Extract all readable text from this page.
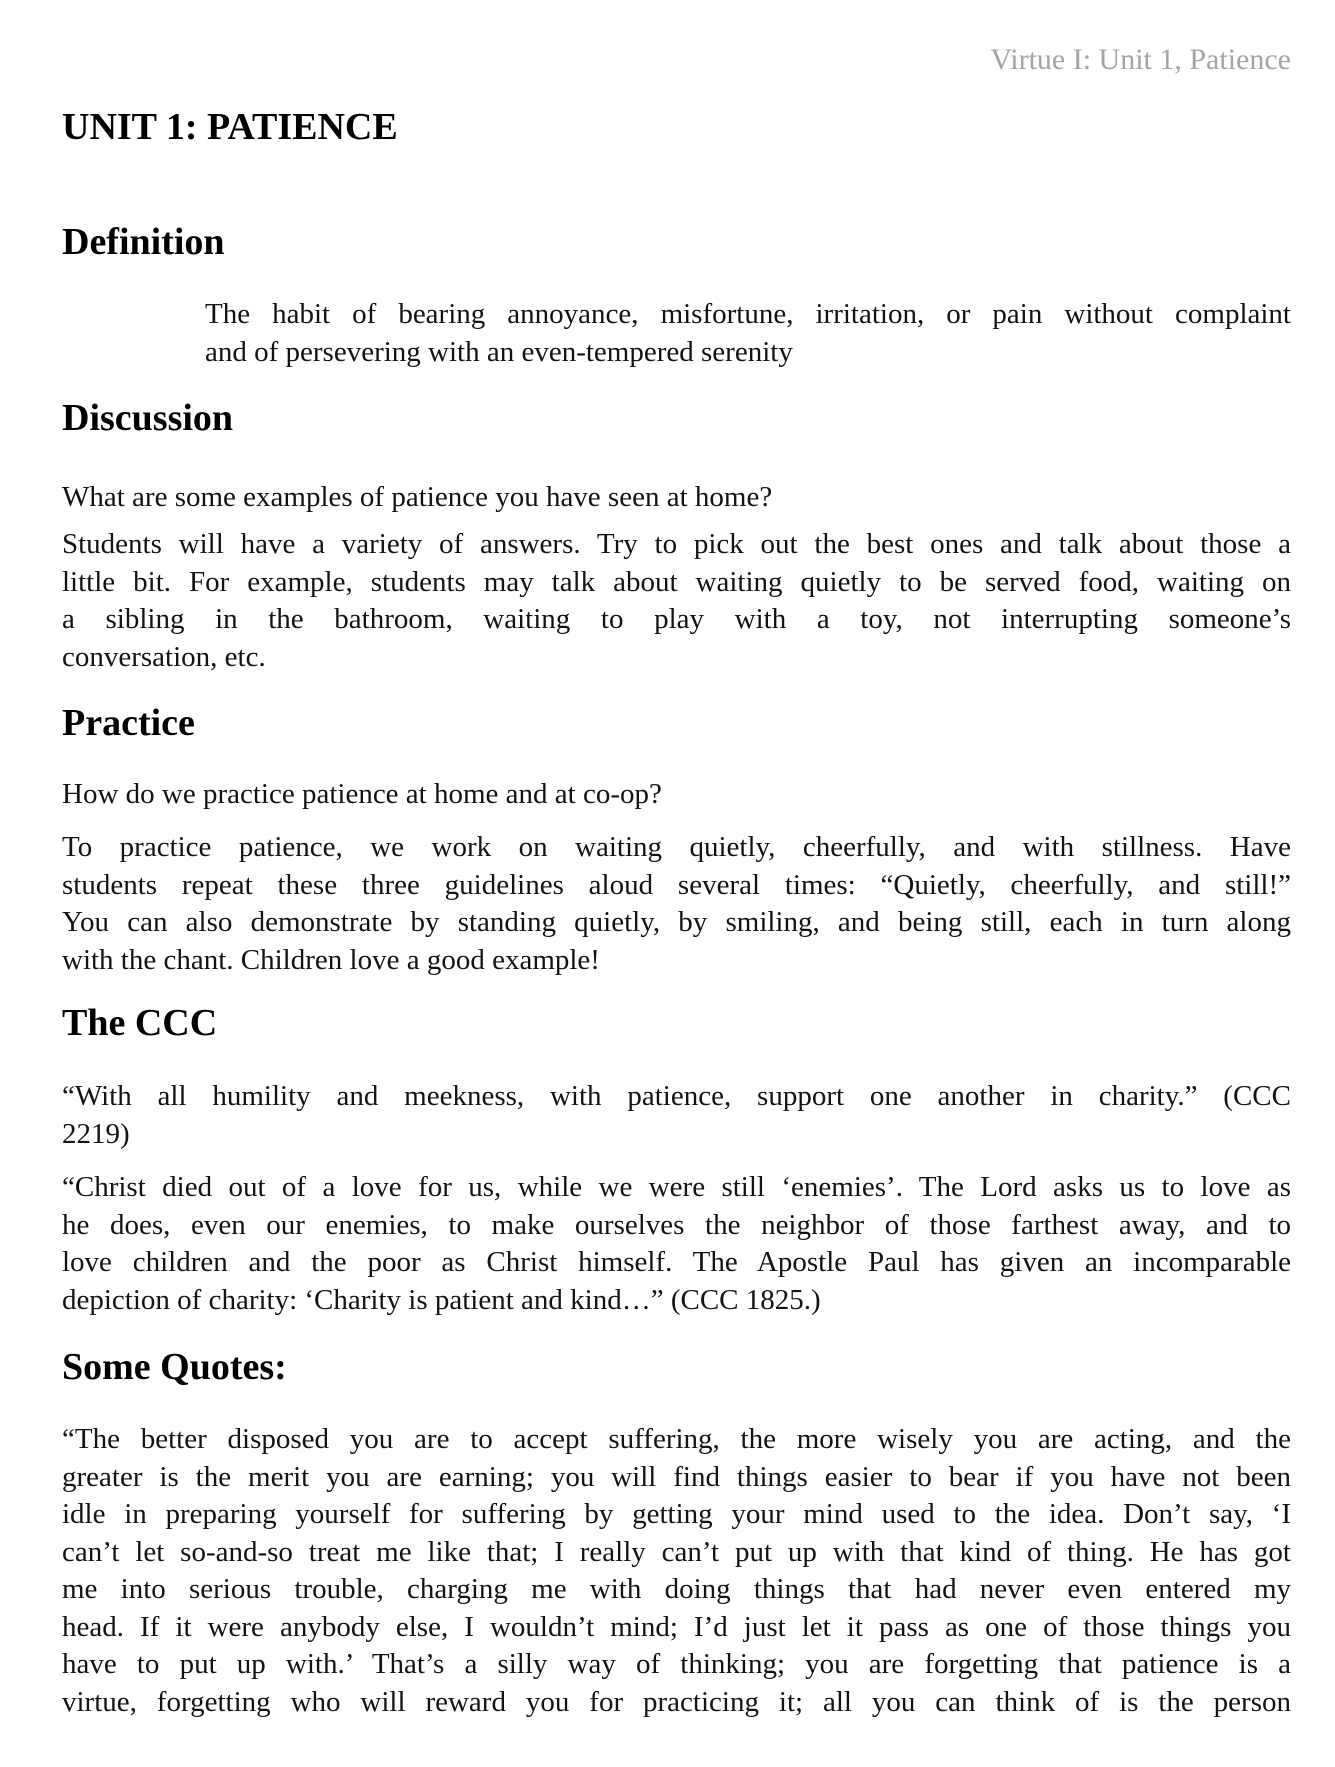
Virtue I: Unit 1, Patience
UNIT 1: PATIENCE
Definition
The habit of bearing annoyance, misfortune, irritation, or pain without complaint
and of persevering with an even-tempered serenity
Discussion
What are some examples of patience you have seen at home?
Students will have a variety of answers. Try to pick out the best ones and talk about those a
little bit. For example, students may talk about waiting quietly to be served food, waiting on
a sibling in the bathroom, waiting to play with a toy, not interrupting someone’s
conversation, etc.
Practice
How do we practice patience at home and at co-op?
To practice patience, we work on waiting quietly, cheerfully, and with stillness. Have
students repeat these three guidelines aloud several times: “Quietly, cheerfully, and still!”
You can also demonstrate by standing quietly, by smiling, and being still, each in turn along
with the chant. Children love a good example!
The CCC
“With all humility and meekness, with patience, support one another in charity.” (CCC
2219)
“Christ died out of a love for us, while we were still ‘enemies’. The Lord asks us to love as
he does, even our enemies, to make ourselves the neighbor of those farthest away, and to
love children and the poor as Christ himself. The Apostle Paul has given an incomparable
depiction of charity: ‘Charity is patient and kind…” (CCC 1825.)
Some Quotes:
“The better disposed you are to accept suffering, the more wisely you are acting, and the
greater is the merit you are earning; you will find things easier to bear if you have not been
idle in preparing yourself for suffering by getting your mind used to the idea. Don’t say, ‘I
can’t let so-and-so treat me like that; I really can’t put up with that kind of thing. He has got
me into serious trouble, charging me with doing things that had never even entered my
head. If it were anybody else, I wouldn’t mind; I’d just let it pass as one of those things you
have to put up with.’ That’s a silly way of thinking; you are forgetting that patience is a
virtue, forgetting who will reward you for practicing it; all you can think of is the person
